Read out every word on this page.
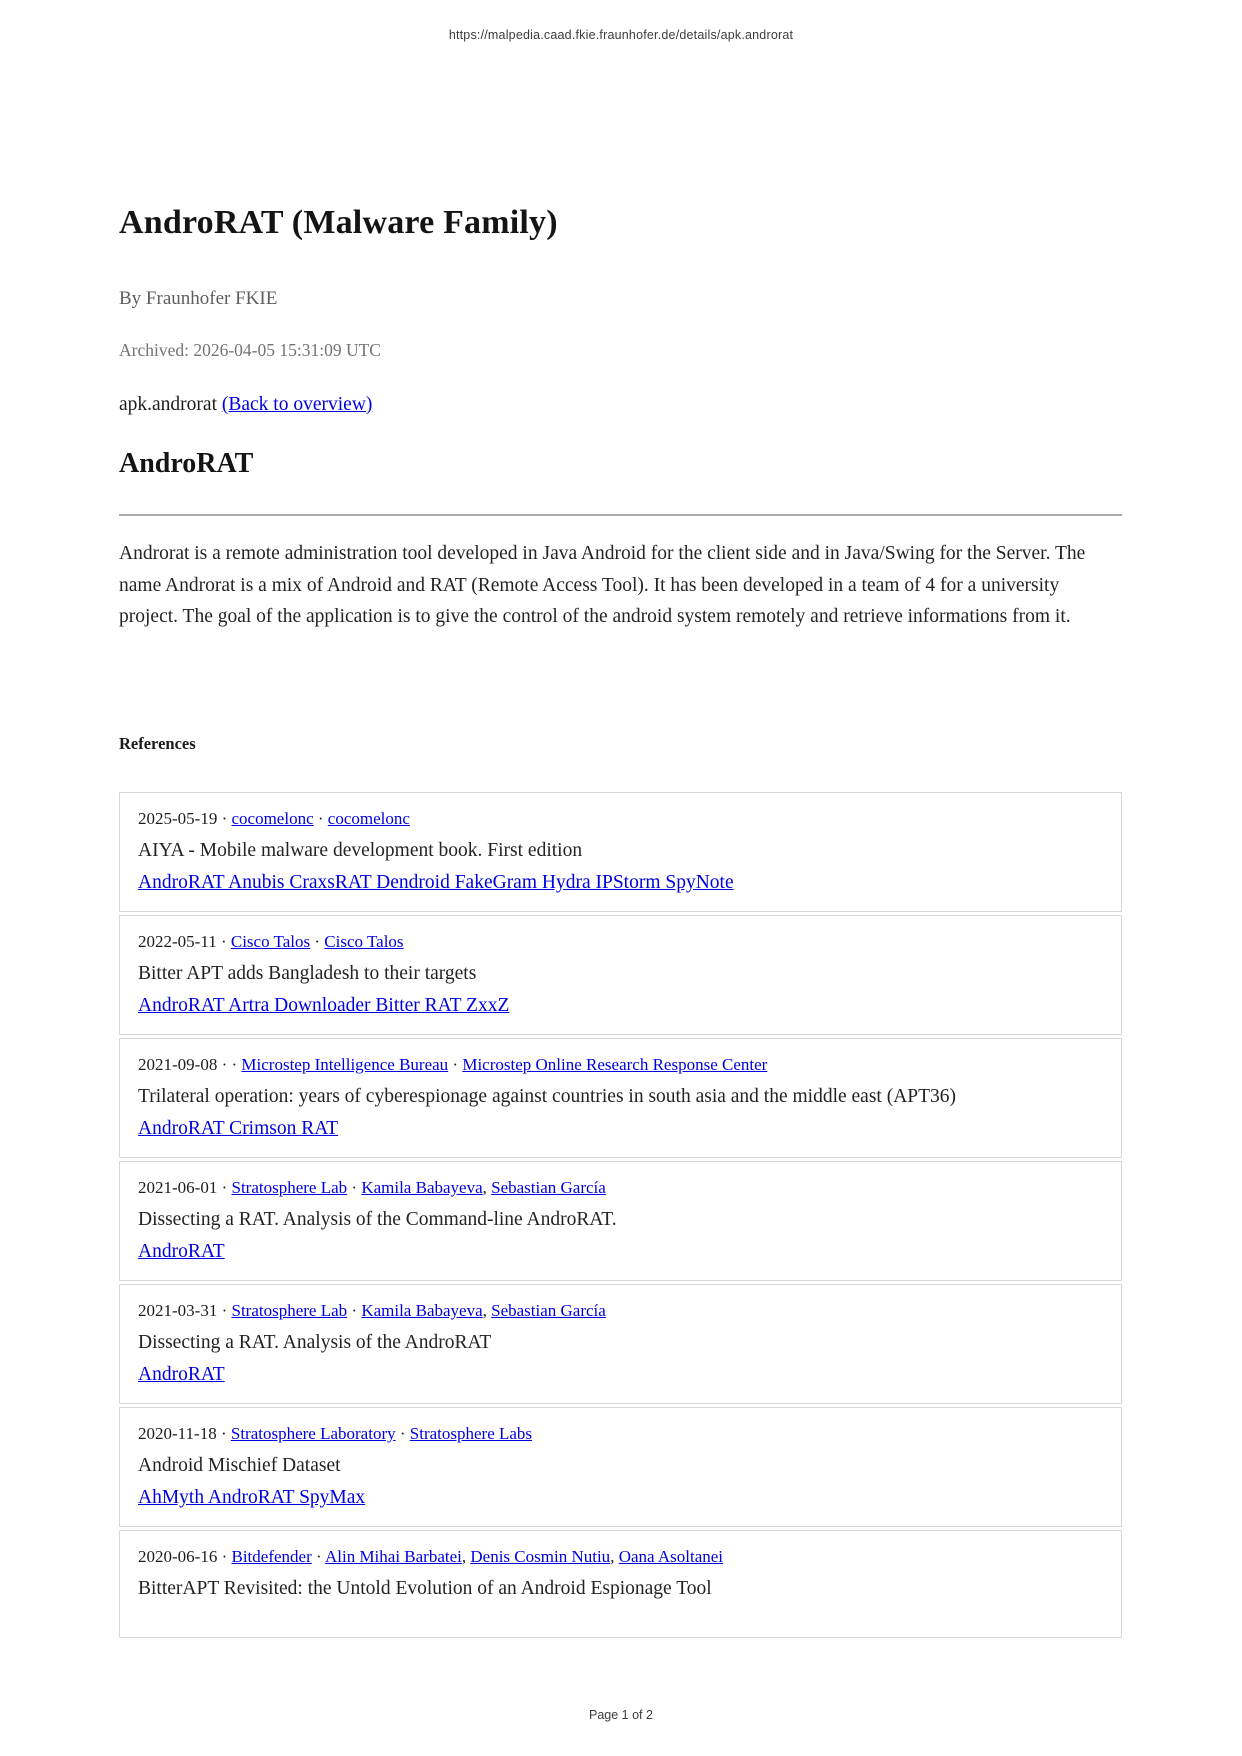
https://malpedia.caad.fkie.fraunhofer.de/details/apk.androrat
AndroRAT (Malware Family)
By Fraunhofer FKIE
Archived: 2026-04-05 15:31:09 UTC
apk.androrat (Back to overview)
AndroRAT

Androrat is a remote administration tool developed in Java Android for the client side and in Java/Swing for the Server. The name Androrat is a mix of Android and RAT (Remote Access Tool). It has been developed in a team of 4 for a university project. The goal of the application is to give the control of the android system remotely and retrieve informations from it.

References
2025-05-19 · cocomelonc · cocomelonc
AIYA - Mobile malware development book. First edition
AndroRAT Anubis CraxsRAT Dendroid FakeGram Hydra IPStorm SpyNote
2022-05-11 · Cisco Talos · Cisco Talos
Bitter APT adds Bangladesh to their targets
AndroRAT Artra Downloader Bitter RAT ZxxZ
2021-09-08 · · Microstep Intelligence Bureau · Microstep Online Research Response Center
Trilateral operation: years of cyberespionage against countries in south asia and the middle east (APT36)
AndroRAT Crimson RAT
2021-06-01 · Stratosphere Lab · Kamila Babayeva, Sebastian García
Dissecting a RAT. Analysis of the Command-line AndroRAT.
AndroRAT
2021-03-31 · Stratosphere Lab · Kamila Babayeva, Sebastian García
Dissecting a RAT. Analysis of the AndroRAT
AndroRAT
2020-11-18 · Stratosphere Laboratory · Stratosphere Labs
Android Mischief Dataset
AhMyth AndroRAT SpyMax
2020-06-16 · Bitdefender · Alin Mihai Barbatei, Denis Cosmin Nutiu, Oana Asoltanei
BitterAPT Revisited: the Untold Evolution of an Android Espionage Tool
Page 1 of 2
